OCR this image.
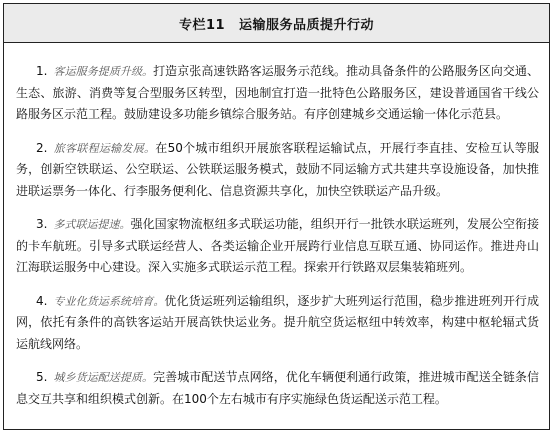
专栏11 运输服务品质提升行动

1. 客运服务提质升级。打造京张高速铁路客运服务示范线。推动具备条件的公路服务区向交通、生态、旅游、消费等复合型服务区转型，因地制宜打造一批特色公路服务区，建设普通国省干线公路服务区示范工程。鼓励建设多功能乡镇综合服务站。有序创建城乡交通运输一体化示范县。

2. 旅客联程运输发展。在50个城市组织开展旅客联程运输试点，开展行李直挂、安检互认等服务，创新空铁联运、公空联运、公铁联运服务模式，鼓励不同运输方式共建共享设施设备，加快推进联运票务一体化、行李服务便利化、信息资源共享化，加快空铁联运产品升级。

3. 多式联运提速。强化国家物流枢纽多式联运功能，组织开行一批铁水联运班列，发展公空衔接的卡车航班。引导多式联运经营人、各类运输企业开展跨行业信息互联互通、协同运作。推进舟山江海联运服务中心建设。深入实施多式联运示范工程。探索开行铁路双层集装箱班列。

4. 专业化货运系统培育。优化货运班列运输组织，逐步扩大班列运行范围，稳步推进班列开行成网，依托有条件的高铁客运站开展高铁快运业务。提升航空货运枢纽中转效率，构建中枢轮辐式货运航线网络。

5. 城乡货运配送提质。完善城市配送节点网络，优化车辆便利通行政策，推进城市配送全链条信息交互共享和组织模式创新。在100个左右城市有序实施绿色货运配送示范工程。
